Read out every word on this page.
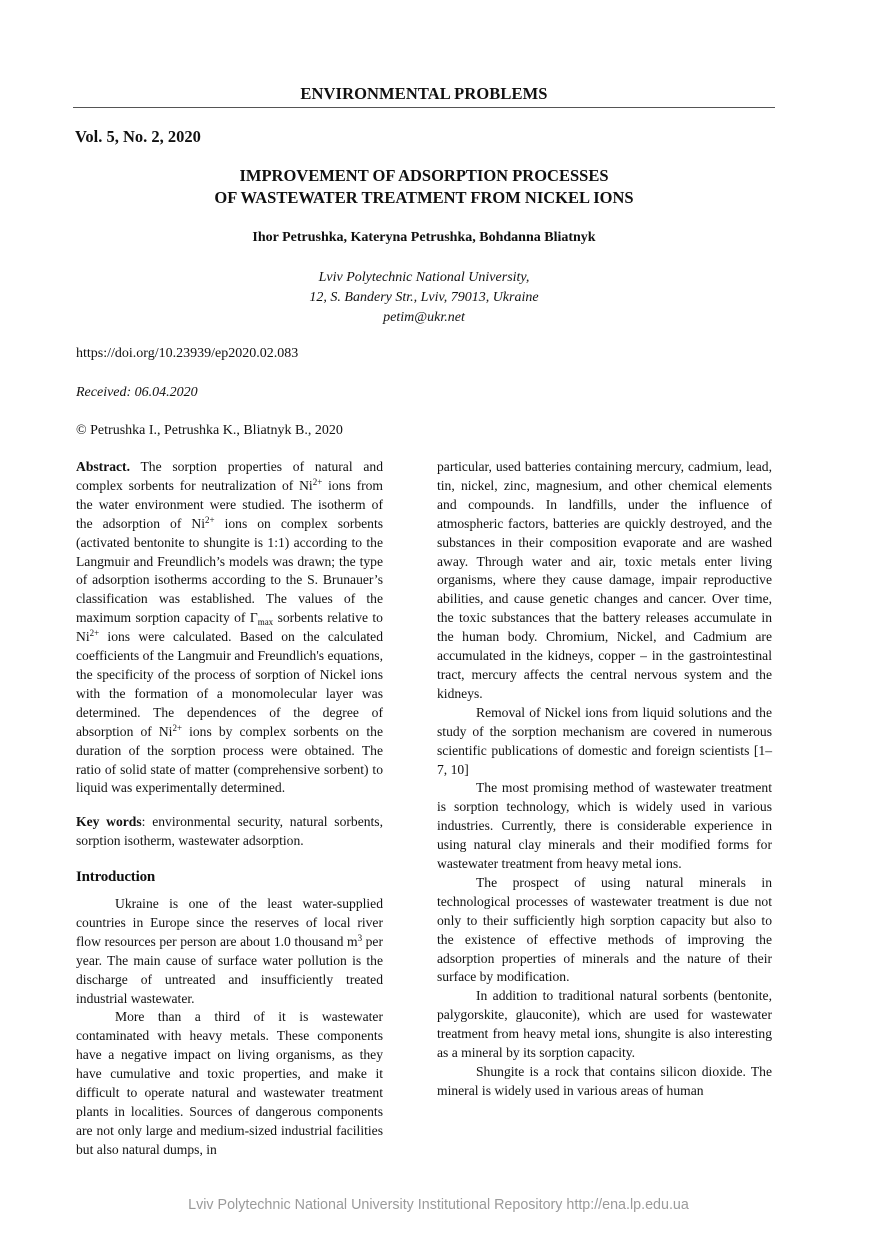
ENVIRONMENTAL PROBLEMS
Vol. 5, No. 2, 2020
IMPROVEMENT OF ADSORPTION PROCESSES
OF WASTEWATER TREATMENT FROM NICKEL IONS
Ihor Petrushka, Kateryna Petrushka, Bohdanna Bliatnyk
Lviv Polytechnic National University,
12, S. Bandery Str., Lviv, 79013, Ukraine
petim@ukr.net
https://doi.org/10.23939/ep2020.02.083
Received: 06.04.2020
© Petrushka I., Petrushka K., Bliatnyk B., 2020

Abstract. The sorption properties of natural and complex sorbents for neutralization of $Ni^{2+}$ ions from the water environment were studied. The isotherm of the adsorption of $Ni^{2+}$ ions on complex sorbents (activated bentonite to shungite is 1:1) according to the Langmuir and Freundlich’s models was drawn; the type of adsorption isotherms according to the S. Brunauer’s classification was established. The values of the maximum sorption capacity of $\Gamma_{max}$ sorbents relative to $Ni^{2+}$ ions were calculated. Based on the calculated coefficients of the Langmuir and Freundlich's equations, the specificity of the process of sorption of Nickel ions with the formation of a monomolecular layer was determined. The dependences of the degree of absorption of $Ni^{2+}$ ions by complex sorbents on the duration of the sorption process were obtained. The ratio of solid state of matter (comprehensive sorbent) to liquid was experimentally determined.

Key words: environmental security, natural sorbents, sorption isotherm, wastewater adsorption.

Introduction

Ukraine is one of the least water-supplied countries in Europe since the reserves of local river flow resources per person are about 1.0 thousand $m^3$ per year. The main cause of surface water pollution is the discharge of untreated and insufficiently treated industrial wastewater.

More than a third of it is wastewater contaminated with heavy metals. These components have a negative impact on living organisms, as they have cumulative and toxic properties, and make it difficult to operate natural and wastewater treatment plants in localities. Sources of dangerous components are not only large and medium-sized industrial facilities but also natural dumps, in

particular, used batteries containing mercury, cadmium, lead, tin, nickel, zinc, magnesium, and other chemical elements and compounds. In landfills, under the influence of atmospheric factors, batteries are quickly destroyed, and the substances in their composition evaporate and are washed away. Through water and air, toxic metals enter living organisms, where they cause damage, impair reproductive abilities, and cause genetic changes and cancer. Over time, the toxic substances that the battery releases accumulate in the human body. Chromium, Nickel, and Cadmium are accumulated in the kidneys, copper – in the gastrointestinal tract, mercury affects the central nervous system and the kidneys.

Removal of Nickel ions from liquid solutions and the study of the sorption mechanism are covered in numerous scientific publications of domestic and foreign scientists [1–7, 10]

The most promising method of wastewater treatment is sorption technology, which is widely used in various industries. Currently, there is considerable experience in using natural clay minerals and their modified forms for wastewater treatment from heavy metal ions.

The prospect of using natural minerals in technological processes of wastewater treatment is due not only to their sufficiently high sorption capacity but also to the existence of effective methods of improving the adsorption properties of minerals and the nature of their surface by modification.

In addition to traditional natural sorbents (bentonite, palygorskite, glauconite), which are used for wastewater treatment from heavy metal ions, shungite is also interesting as a mineral by its sorption capacity.

Shungite is a rock that contains silicon dioxide. The mineral is widely used in various areas of human

Lviv Polytechnic National University Institutional Repository http://ena.lp.edu.ua
